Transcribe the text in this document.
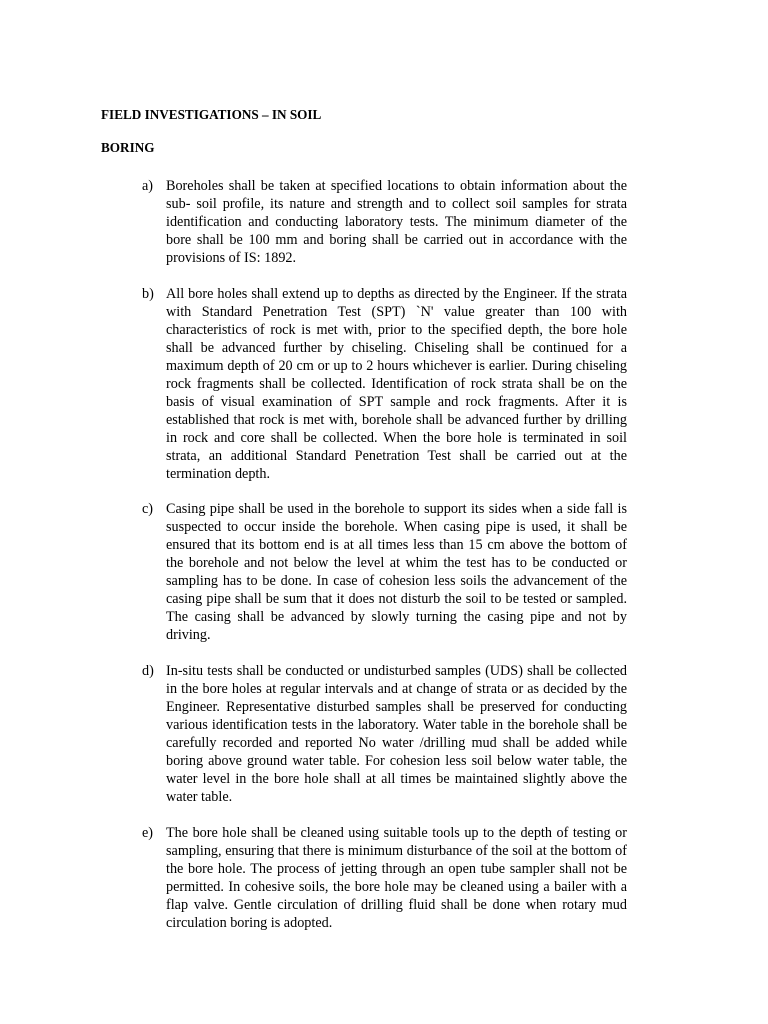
FIELD INVESTIGATIONS – IN SOIL
BORING
a) Boreholes shall be taken at specified locations to obtain information about the sub- soil profile, its nature and strength and to collect soil samples for strata identification and conducting laboratory tests. The minimum diameter of the bore shall be 100 mm and boring shall be carried out in accordance with the provisions of IS: 1892.
b) All bore holes shall extend up to depths as directed by the Engineer. If the strata with Standard Penetration Test (SPT) `N' value greater than 100 with characteristics of rock is met with, prior to the specified depth, the bore hole shall be advanced further by chiseling. Chiseling shall be continued for a maximum depth of 20 cm or up to 2 hours whichever is earlier. During chiseling rock fragments shall be collected. Identification of rock strata shall be on the basis of visual examination of SPT sample and rock fragments. After it is established that rock is met with, borehole shall be advanced further by drilling in rock and core shall be collected. When the bore hole is terminated in soil strata, an additional Standard Penetration Test shall be carried out at the termination depth.
c) Casing pipe shall be used in the borehole to support its sides when a side fall is suspected to occur inside the borehole. When casing pipe is used, it shall be ensured that its bottom end is at all times less than 15 cm above the bottom of the borehole and not below the level at whim the test has to be conducted or sampling has to be done. In case of cohesion less soils the advancement of the casing pipe shall be sum that it does not disturb the soil to be tested or sampled. The casing shall be advanced by slowly turning the casing pipe and not by driving.
d) In-situ tests shall be conducted or undisturbed samples (UDS) shall be collected in the bore holes at regular intervals and at change of strata or as decided by the Engineer. Representative disturbed samples shall be preserved for conducting various identification tests in the laboratory. Water table in the borehole shall be carefully recorded and reported No water /drilling mud shall be added while boring above ground water table. For cohesion less soil below water table, the water level in the bore hole shall at all times be maintained slightly above the water table.
e) The bore hole shall be cleaned using suitable tools up to the depth of testing or sampling, ensuring that there is minimum disturbance of the soil at the bottom of the bore hole. The process of jetting through an open tube sampler shall not be permitted. In cohesive soils, the bore hole may be cleaned using a bailer with a flap valve. Gentle circulation of drilling fluid shall be done when rotary mud circulation boring is adopted.
